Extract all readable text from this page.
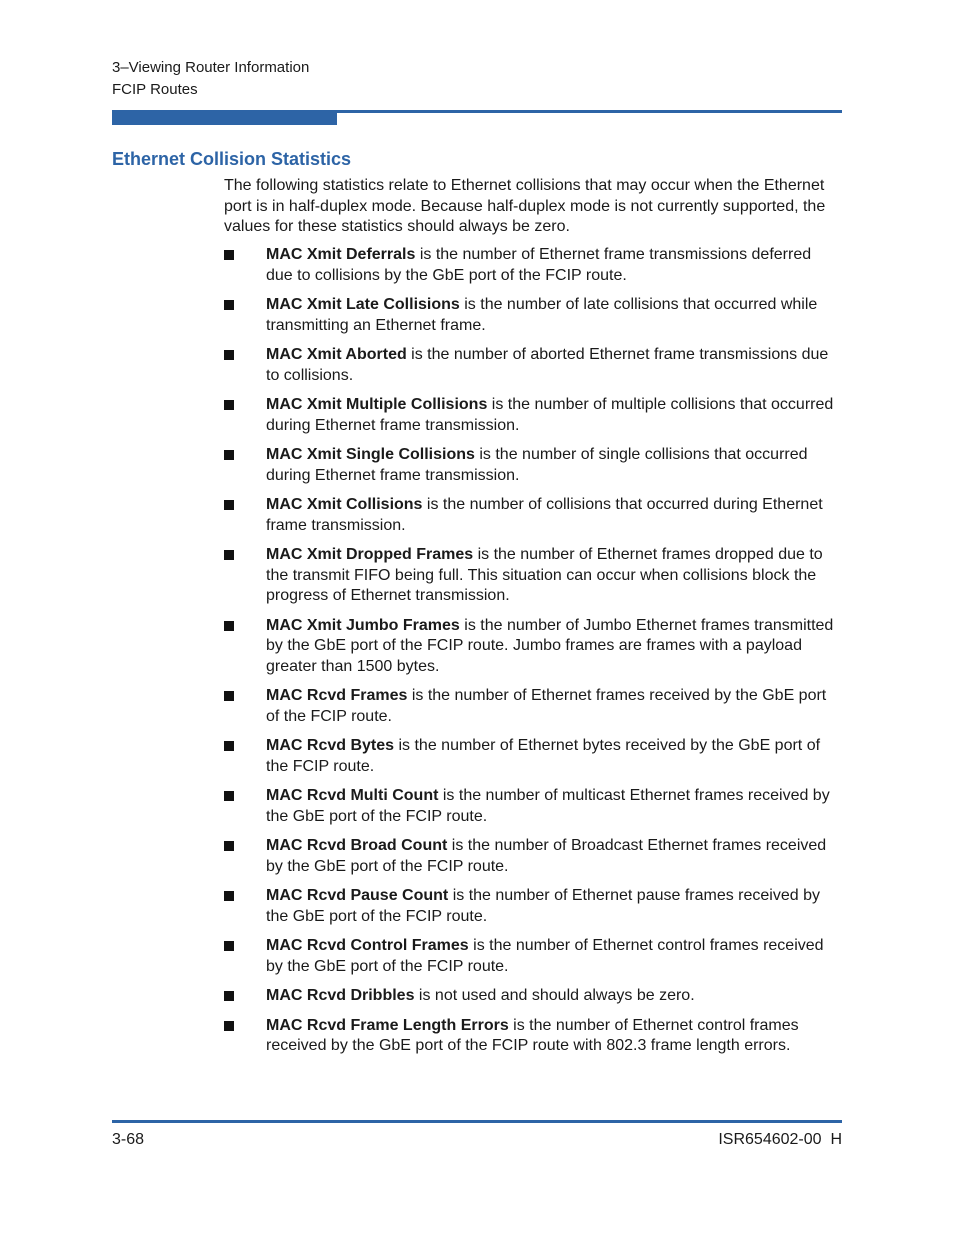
3–Viewing Router Information
FCIP Routes
Ethernet Collision Statistics

The following statistics relate to Ethernet collisions that may occur when the Ethernet port is in half-duplex mode. Because half-duplex mode is not currently supported, the values for these statistics should always be zero.

MAC Xmit Deferrals is the number of Ethernet frame transmissions deferred due to collisions by the GbE port of the FCIP route.
MAC Xmit Late Collisions is the number of late collisions that occurred while transmitting an Ethernet frame.
MAC Xmit Aborted is the number of aborted Ethernet frame transmissions due to collisions.
MAC Xmit Multiple Collisions is the number of multiple collisions that occurred during Ethernet frame transmission.
MAC Xmit Single Collisions is the number of single collisions that occurred during Ethernet frame transmission.
MAC Xmit Collisions is the number of collisions that occurred during Ethernet frame transmission.
MAC Xmit Dropped Frames is the number of Ethernet frames dropped due to the transmit FIFO being full. This situation can occur when collisions block the progress of Ethernet transmission.
MAC Xmit Jumbo Frames is the number of Jumbo Ethernet frames transmitted by the GbE port of the FCIP route. Jumbo frames are frames with a payload greater than 1500 bytes.
MAC Rcvd Frames is the number of Ethernet frames received by the GbE port of the FCIP route.
MAC Rcvd Bytes is the number of Ethernet bytes received by the GbE port of the FCIP route.
MAC Rcvd Multi Count is the number of multicast Ethernet frames received by the GbE port of the FCIP route.
MAC Rcvd Broad Count is the number of Broadcast Ethernet frames received by the GbE port of the FCIP route.
MAC Rcvd Pause Count is the number of Ethernet pause frames received by the GbE port of the FCIP route.
MAC Rcvd Control Frames is the number of Ethernet control frames received by the GbE port of the FCIP route.
MAC Rcvd Dribbles is not used and should always be zero.
MAC Rcvd Frame Length Errors is the number of Ethernet control frames received by the GbE port of the FCIP route with 802.3 frame length errors.
3-68	ISR654602-00  H
